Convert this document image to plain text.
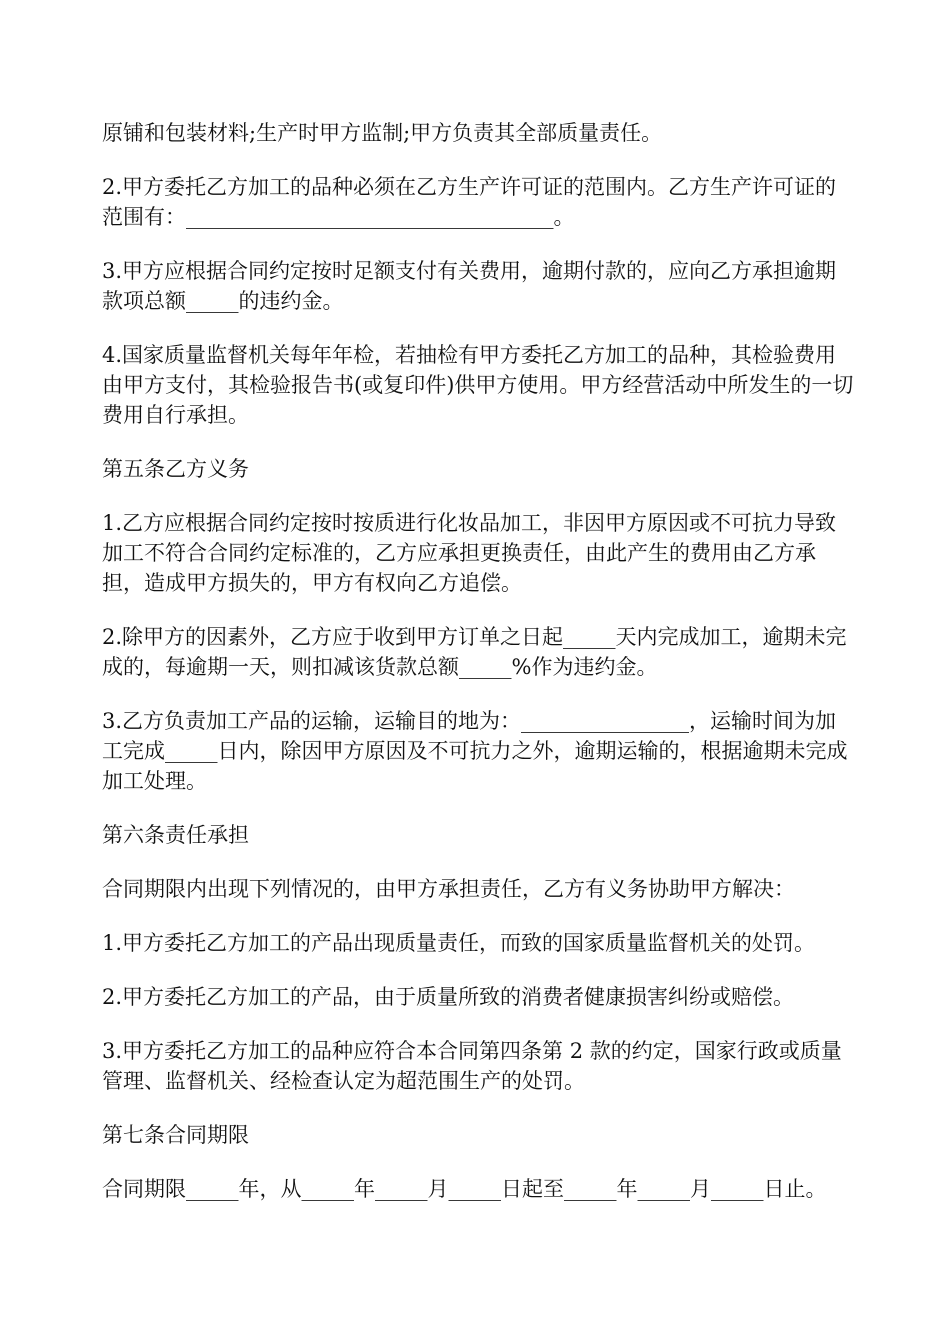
原铺和包装材料;生产时甲方监制;甲方负责其全部质量责任。

2.甲方委托乙方加工的品种必须在乙方生产许可证的范围内。乙方生产许可证的范围有：___________________________________。

3.甲方应根据合同约定按时足额支付有关费用，逾期付款的，应向乙方承担逾期款项总额_____的违约金。

4.国家质量监督机关每年年检，若抽检有甲方委托乙方加工的品种，其检验费用由甲方支付，其检验报告书(或复印件)供甲方使用。甲方经营活动中所发生的一切费用自行承担。

第五条乙方义务

1.乙方应根据合同约定按时按质进行化妆品加工，非因甲方原因或不可抗力导致加工不符合合同约定标准的，乙方应承担更换责任，由此产生的费用由乙方承担，造成甲方损失的，甲方有权向乙方追偿。

2.除甲方的因素外，乙方应于收到甲方订单之日起_____天内完成加工，逾期未完成的，每逾期一天，则扣减该货款总额_____%作为违约金。

3.乙方负责加工产品的运输，运输目的地为：________________，运输时间为加工完成_____日内，除因甲方原因及不可抗力之外，逾期运输的，根据逾期未完成加工处理。

第六条责任承担

合同期限内出现下列情况的，由甲方承担责任，乙方有义务协助甲方解决：

1.甲方委托乙方加工的产品出现质量责任，而致的国家质量监督机关的处罚。

2.甲方委托乙方加工的产品，由于质量所致的消费者健康损害纠纷或赔偿。

3.甲方委托乙方加工的品种应符合本合同第四条第 2 款的约定，国家行政或质量管理、监督机关、经检查认定为超范围生产的处罚。

第七条合同期限

合同期限_____年，从_____年_____月_____日起至_____年_____月_____日止。
